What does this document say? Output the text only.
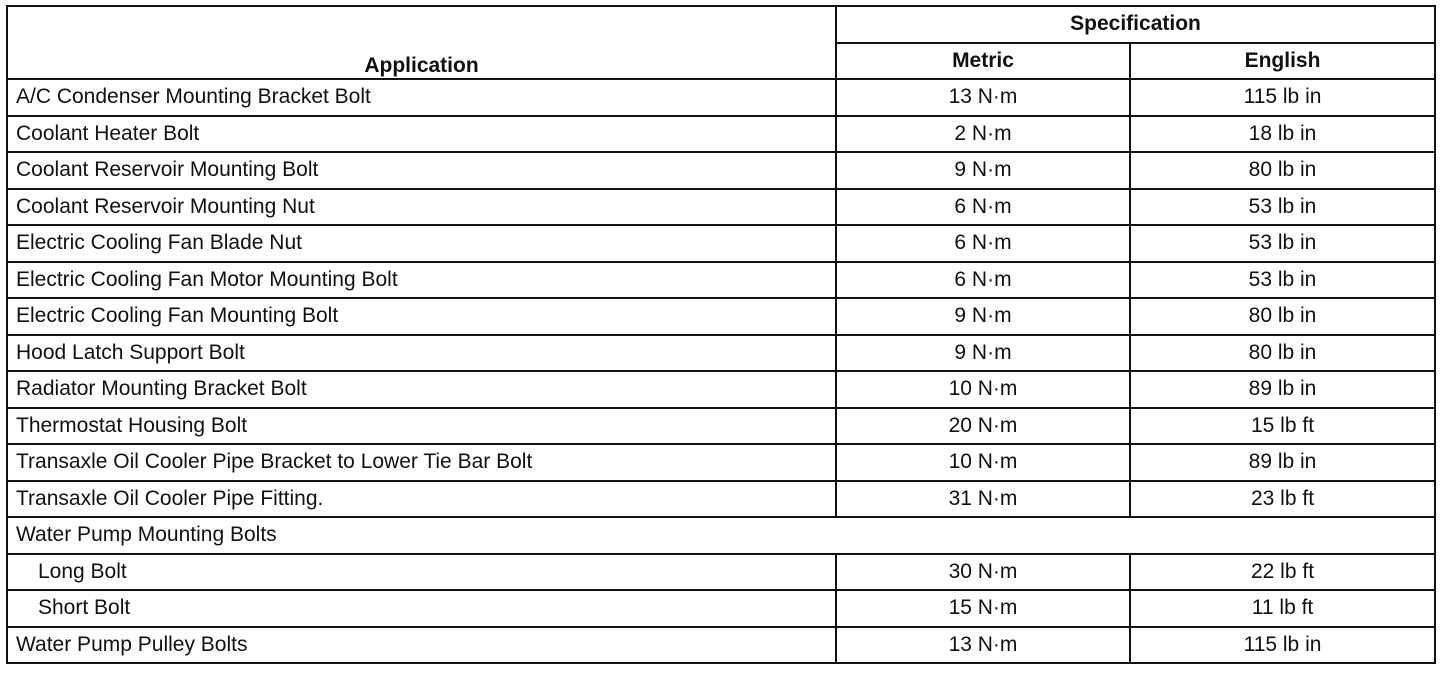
Application	Specification	
	Metric	English
A/C Condenser Mounting Bracket Bolt	13 N·m	115 lb in
Coolant Heater Bolt	2 N·m	18 lb in
Coolant Reservoir Mounting Bolt	9 N·m	80 lb in
Coolant Reservoir Mounting Nut	6 N·m	53 lb in
Electric Cooling Fan Blade Nut	6 N·m	53 lb in
Electric Cooling Fan Motor Mounting Bolt	6 N·m	53 lb in
Electric Cooling Fan Mounting Bolt	9 N·m	80 lb in
Hood Latch Support Bolt	9 N·m	80 lb in
Radiator Mounting Bracket Bolt	10 N·m	89 lb in
Thermostat Housing Bolt	20 N·m	15 lb ft
Transaxle Oil Cooler Pipe Bracket to Lower Tie Bar Bolt	10 N·m	89 lb in
Transaxle Oil Cooler Pipe Fitting.	31 N·m	23 lb ft
Water Pump Mounting Bolts		
Long Bolt	30 N·m	22 lb ft
Short Bolt	15 N·m	11 lb ft
Water Pump Pulley Bolts	13 N·m	115 lb in
